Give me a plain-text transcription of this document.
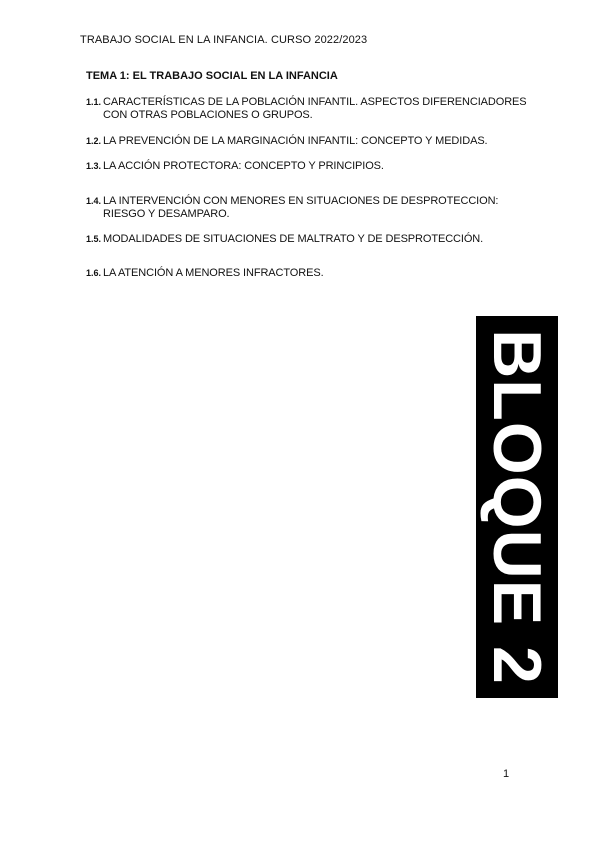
TRABAJO SOCIAL EN LA INFANCIA. CURSO 2022/2023
TEMA 1: EL TRABAJO SOCIAL EN LA INFANCIA
1.1. CARACTERÍSTICAS DE LA POBLACIÓN INFANTIL. ASPECTOS DIFERENCIADORES
CON OTRAS POBLACIONES O GRUPOS.
1.2. LA PREVENCIÓN DE LA MARGINACIÓN INFANTIL: CONCEPTO Y MEDIDAS.
1.3. LA ACCIÓN PROTECTORA: CONCEPTO Y PRINCIPIOS.
1.4. LA INTERVENCIÓN CON MENORES EN SITUACIONES DE DESPROTECCION:
RIESGO Y DESAMPARO.
1.5. MODALIDADES DE SITUACIONES DE MALTRATO Y DE DESPROTECCIÓN.
1.6. LA ATENCIÓN A MENORES INFRACTORES.
BLOQUE 2
1
